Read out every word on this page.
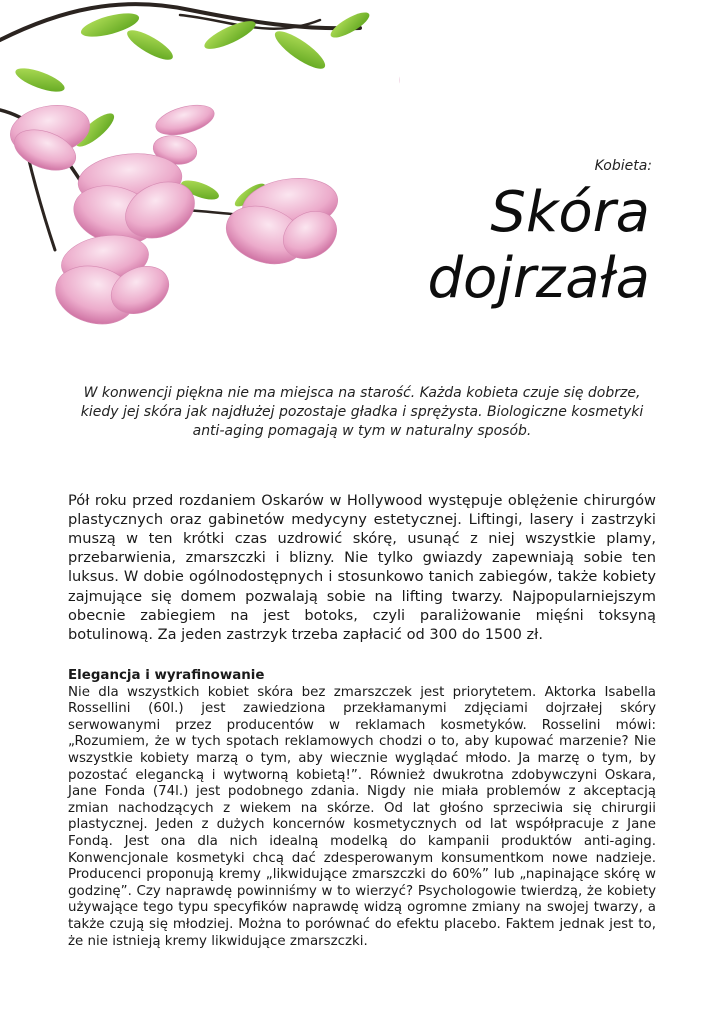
Kobieta:
Skóra
dojrzała

W konwencji piękna nie ma miejsca na starość. Każda kobieta czuje się dobrze, kiedy jej skóra jak najdłużej pozostaje gładka i sprężysta. Biologiczne kosmetyki anti-aging pomagają w tym w naturalny sposób.

Pół roku przed rozdaniem Oskarów w Hollywood występuje oblężenie chirurgów plastycznych oraz gabinetów medycyny estetycznej. Liftingi, lasery i zastrzyki muszą w ten krótki czas uzdrowić skórę, usunąć z niej wszystkie plamy, przebarwienia, zmarszczki i blizny. Nie tylko gwiazdy zapewniają sobie ten luksus. W dobie ogólnodostępnych i stosunkowo tanich zabiegów, także kobiety zajmujące się domem pozwalają sobie na lifting twarzy. Najpopularniejszym obecnie zabiegiem na jest botoks, czyli paraliżowanie mięśni toksyną botulinową. Za jeden zastrzyk trzeba zapłacić od 300 do 1500 zł.

Elegancja i wyrafinowanie

Nie dla wszystkich kobiet skóra bez zmarszczek jest priorytetem. Aktorka Isabella Rossellini (60l.) jest zawiedziona przekłamanymi zdjęciami dojrzałej skóry serwowanymi przez producentów w reklamach kosmetyków. Rosselini mówi: „Rozumiem, że w tych spotach reklamowych chodzi o to, aby kupować marzenie? Nie wszystkie kobiety marzą o tym, aby wiecznie wyglądać młodo. Ja marzę o tym, by pozostać elegancką i wytworną kobietą!”. Również dwukrotna zdobywczyni Oskara, Jane Fonda (74l.) jest podobnego zdania. Nigdy nie miała problemów z akceptacją zmian nachodzących z wiekem na skórze. Od lat głośno sprzeciwia się chirurgii plastycznej. Jeden z dużych koncernów kosmetycznych od lat współpracuje z Jane Fondą. Jest ona dla nich idealną modelką do kampanii produktów anti-aging. Konwencjonale kosmetyki chcą dać zdesperowanym konsumentkom nowe nadzieje. Producenci proponują kremy „likwidujące zmarszczki do 60%” lub „napinające skórę w godzinę”. Czy naprawdę powinniśmy w to wierzyć? Psychologowie twierdzą, że kobiety używające tego typu specyfików naprawdę widzą ogromne zmiany na swojej twarzy, a także czują się młodziej. Można to porównać do efektu placebo. Faktem jednak jest to, że nie istnieją kremy likwidujące zmarszczki.
